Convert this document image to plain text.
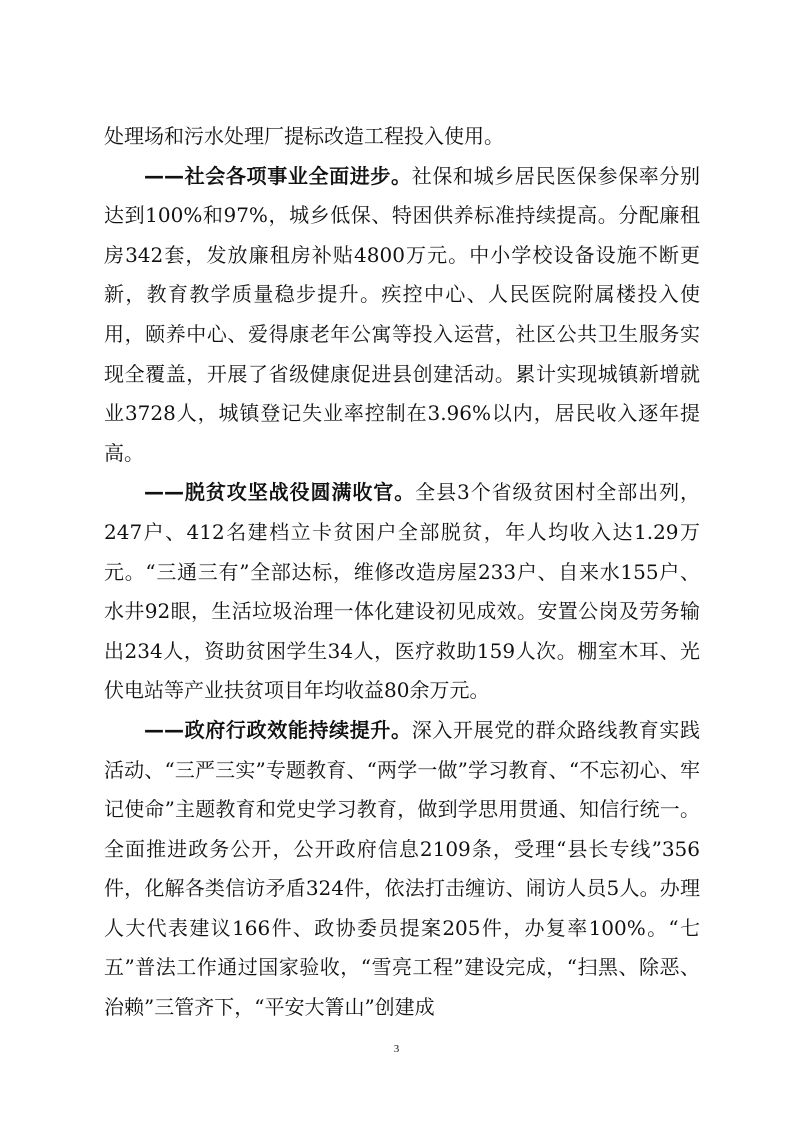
处理场和污水处理厂提标改造工程投入使用。

——社会各项事业全面进步。社保和城乡居民医保参保率分别达到100%和97%，城乡低保、特困供养标准持续提高。分配廉租房342套，发放廉租房补贴4800万元。中小学校设备设施不断更新，教育教学质量稳步提升。疾控中心、人民医院附属楼投入使用，颐养中心、爱得康老年公寓等投入运营，社区公共卫生服务实现全覆盖，开展了省级健康促进县创建活动。累计实现城镇新增就业3728人，城镇登记失业率控制在3.96%以内，居民收入逐年提高。

——脱贫攻坚战役圆满收官。全县3个省级贫困村全部出列，247户、412名建档立卡贫困户全部脱贫，年人均收入达1.29万元。“三通三有”全部达标，维修改造房屋233户、自来水155户、水井92眼，生活垃圾治理一体化建设初见成效。安置公岗及劳务输出234人，资助贫困学生34人，医疗救助159人次。棚室木耳、光伏电站等产业扶贫项目年均收益80余万元。

——政府行政效能持续提升。深入开展党的群众路线教育实践活动、“三严三实”专题教育、“两学一做”学习教育、“不忘初心、牢记使命”主题教育和党史学习教育，做到学思用贯通、知信行统一。全面推进政务公开，公开政府信息2109条，受理“县长专线”356件，化解各类信访矛盾324件，依法打击缠访、闹访人员5人。办理人大代表建议166件、政协委员提案205件，办复率100%。“七五”普法工作通过国家验收，“雪亮工程”建设完成，“扫黑、除恶、治赖”三管齐下，“平安大箐山”创建成

3
